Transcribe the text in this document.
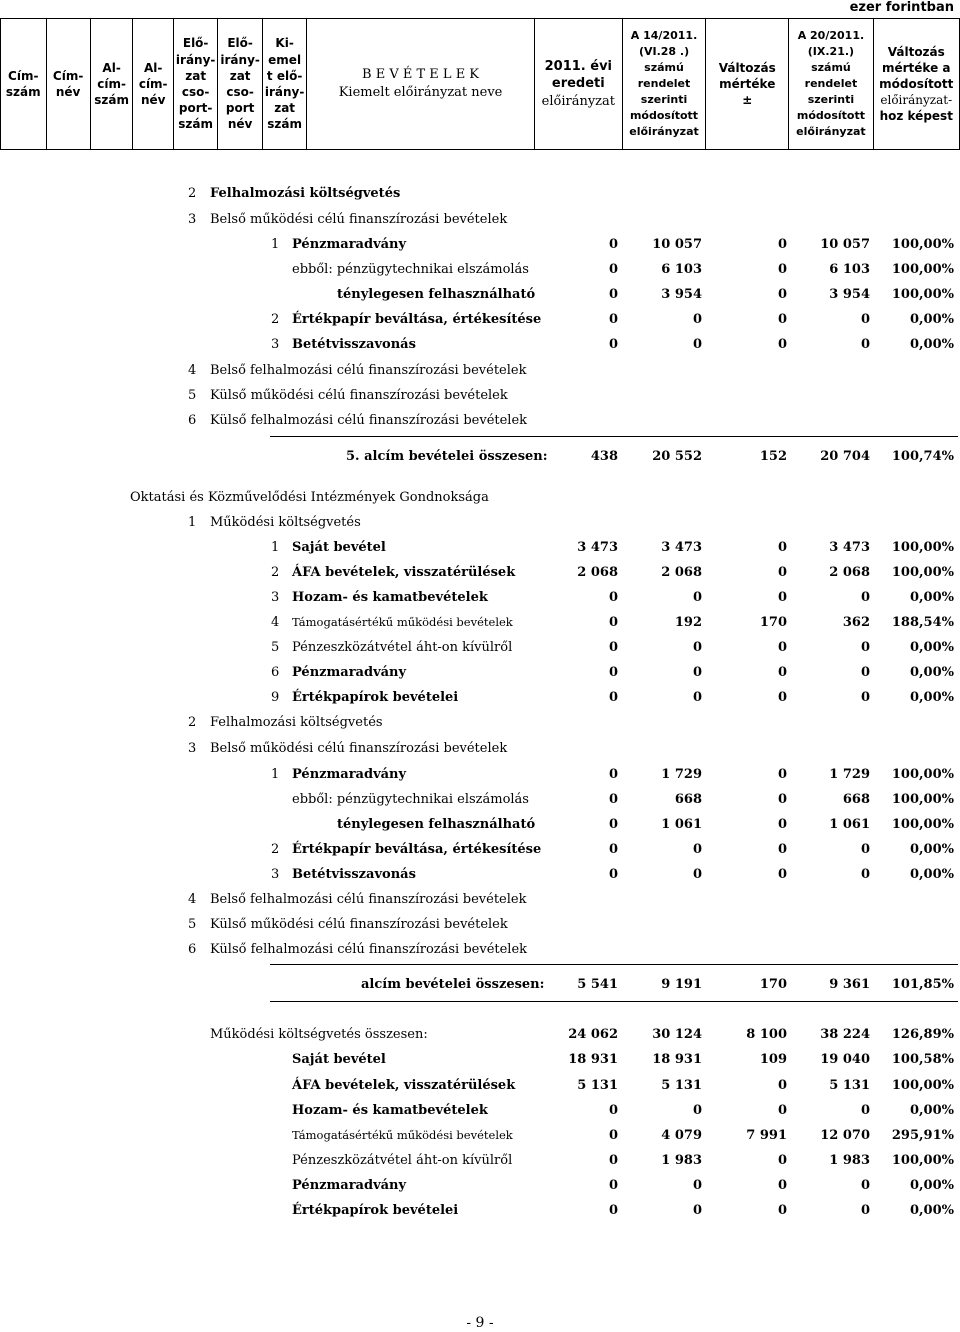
ezer forintban
Cím-
szám

Cím-
név

Al-
cím-
szám

Al-
cím-
név

Elő-
irány-
zat
cso-
port-
szám

Elő-
irány-
zat
cso-
port
név

Ki-
emel
t elő-
irány-
zat
szám

B E V É T E L E K
Kiemelt előirányzat neve

2011. évi
eredeti
előirányzat

A 14/2011.
(VI.28 .)
számú
rendelet
szerinti
módosított
előirányzat

Változás
mértéke
±

A 20/2011.
(IX.21.)
számú
rendelet
szerinti
módosított
előirányzat

Változás
mértéke a
módosított
előirányzat-
hoz képest
2 Felhalmozási költségvetés
3 Belső működési célú finanszírozási bevételek
1 Pénzmaradvány	0	10 057	0	10 057 100,00%
ebből: pénzügytechnikai elszámolás	0	6 103	0	6 103 100,00%
ténylegesen felhasználható	0	3 954	0	3 954 100,00%
2 Értékpapír beváltása, értékesítése	0	0	0	0	0,00%
3 Betétvisszavonás	0	0	0	0	0,00%
4 Belső felhalmozási célú finanszírozási bevételek
5 Külső működési célú finanszírozási bevételek
6 Külső felhalmozási célú finanszírozási bevételek
5. alcím bevételei összesen:	438	20 552	152	20 704 100,74%
Oktatási és Közművelődési Intézmények Gondnoksága
1 Működési költségvetés
1 Saját bevétel	3 473	3 473	0	3 473 100,00%
2 ÁFA bevételek, visszatérülések	2 068	2 068	0	2 068 100,00%
3 Hozam- és kamatbevételek	0	0	0	0	0,00%
4 Támogatásértékű működési bevételek	0	192	170	362 188,54%
5 Pénzeszközátvétel áht-on kívülről	0	0	0	0	0,00%
6 Pénzmaradvány	0	0	0	0	0,00%
9 Értékpapírok bevételei	0	0	0	0	0,00%
2 Felhalmozási költségvetés
3 Belső működési célú finanszírozási bevételek
1 Pénzmaradvány	0	1 729	0	1 729 100,00%
ebből: pénzügytechnikai elszámolás	0	668	0	668 100,00%
ténylegesen felhasználható	0	1 061	0	1 061 100,00%
2 Értékpapír beváltása, értékesítése	0	0	0	0	0,00%
3 Betétvisszavonás	0	0	0	0	0,00%
4 Belső felhalmozási célú finanszírozási bevételek
5 Külső működési célú finanszírozási bevételek
6 Külső felhalmozási célú finanszírozási bevételek
alcím bevételei összesen:	5 541	9 191	170	9 361 101,85%
Működési költségvetés összesen:	24 062	30 124	8 100	38 224 126,89%
Saját bevétel	18 931	18 931	109	19 040 100,58%
ÁFA bevételek, visszatérülések	5 131	5 131	0	5 131 100,00%
Hozam- és kamatbevételek	0	0	0	0	0,00%
Támogatásértékű működési bevételek	0	4 079	7 991	12 070 295,91%
Pénzeszközátvétel áht-on kívülről	0	1 983	0	1 983 100,00%
Pénzmaradvány	0	0	0	0	0,00%
Értékpapírok bevételei	0	0	0	0	0,00%
- 9 -
